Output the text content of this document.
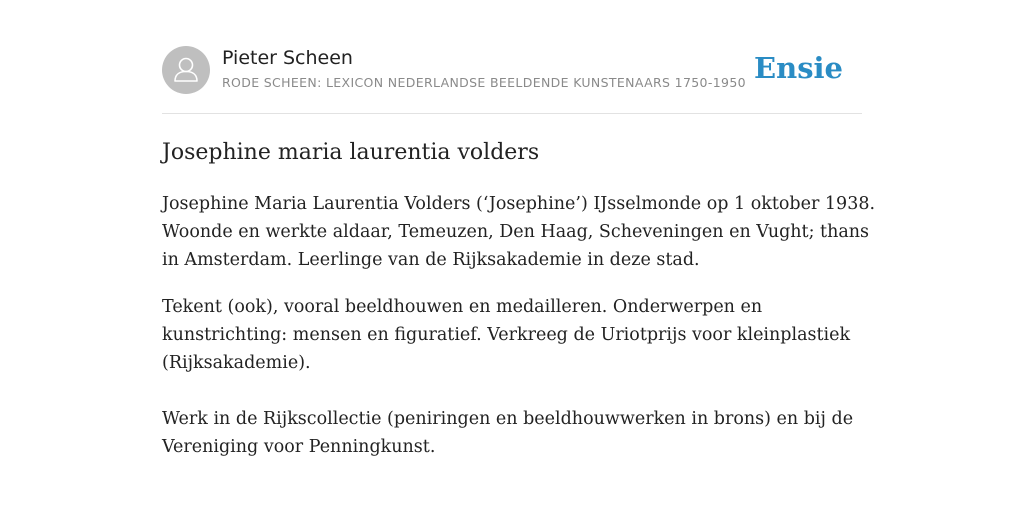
Pieter Scheen
RODE SCHEEN: LEXICON NEDERLANDSE BEELDENDE KUNSTENAARS 1750-1950 Ensie
Josephine maria laurentia volders

Josephine Maria Laurentia Volders (‘Josephine’) IJsselmonde op 1 oktober 1938.

Woonde en werkte aldaar, Temeuzen, Den Haag, Scheveningen en Vught; thans

in Amsterdam. Leerlinge van de Rijksakademie in deze stad.

Tekent (ook), vooral beeldhouwen en medailleren. Onderwerpen en

kunstrichting: mensen en figuratief. Verkreeg de Uriotprijs voor kleinplastiek

(Rijksakademie).

Werk in de Rijkscollectie (peniringen en beeldhouwwerken in brons) en bij de

Vereniging voor Penningkunst.
